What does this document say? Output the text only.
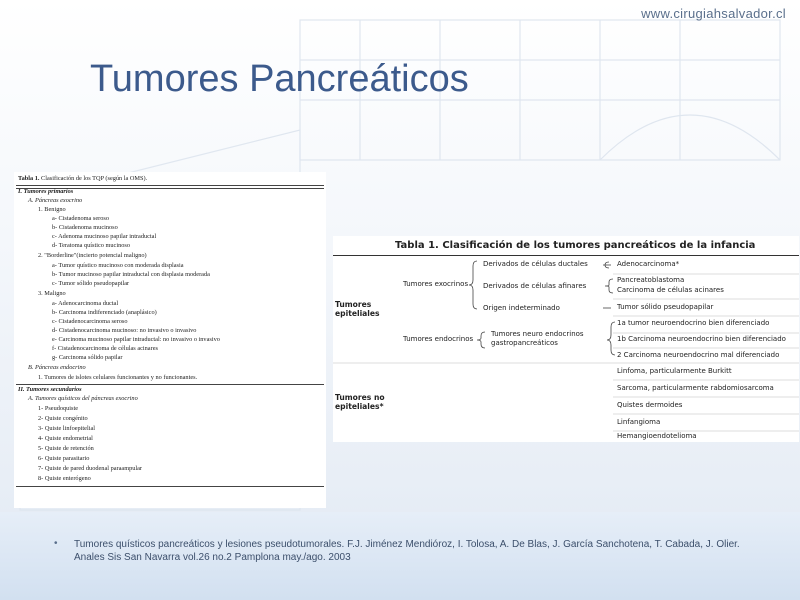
www.cirugiahsalvador.cl
Tumores Pancreáticos
Tabla 1. Clasificación de los TQP (según la OMS).
I. Tumores primarios
A. Páncreas exocrino
1. Benigno
a- Cistadenoma seroso
b- Cistadenoma mucinoso
c- Adenoma mucinoso papilar intraductal
d- Teratoma quístico mucinoso
2. "Borderline"(incierto potencial maligno)
a- Tumor quístico mucinoso con moderada displasia
b- Tumor mucinoso papilar intraductal con displasia moderada
c- Tumor sólido pseudopapilar
3. Maligno
a- Adenocarcinoma ductal
b- Carcinoma indiferenciado (anaplásico)
c- Cistadenocarcinoma seroso
d- Cistadenocarcinoma mucinoso: no invasivo o invasivo
e- Carcinoma mucinoso papilar intraductal: no invasivo o invasivo
f- Cistadenocarcinoma de células acinares
g- Carcinoma sólido papilar
B. Páncreas endocrino
1. Tumores de islotes celulares funcionantes y no funcionantes.
II. Tumores secundarios
A. Tumores quísticos del páncreas exocrino
1- Pseudoquiste
2- Quiste congénito
3- Quiste linfoepitelial
4- Quiste endometrial
5- Quiste de retención
6- Quiste parasitario
7- Quiste de pared duodenal paraampular
8- Quiste enterógeno
Tabla 1. Clasificación de los tumores pancreáticos de la infancia
Tumores epiteliales
Tumores no epiteliales*
Tumores exocrinos
Tumores endocrinos
Derivados de células ductales
Derivados de células afinares
Origen indeterminado
Tumores neuro endocrinos
gastropancreáticos
Adenocarcinoma*
Pancreatoblastoma
Carcinoma de células acinares
Tumor sólido pseudopapilar
1a tumor neuroendocrino bien diferenciado
1b Carcinoma neuroendocrino bien diferenciado
2 Carcinoma neuroendocrino mal diferenciado
Linfoma, particularmente Burkitt
Sarcoma, particularmente rabdomiosarcoma
Quistes dermoides
Linfangioma
Hemangioendotelioma
• Tumores quísticos pancreáticos y lesiones pseudotumorales. F.J. Jiménez Mendióroz, I. Tolosa, A. De Blas, J. García Sanchotena, T. Cabada, J. Olier. Anales Sis San Navarra vol.26 no.2 Pamplona may./ago. 2003
